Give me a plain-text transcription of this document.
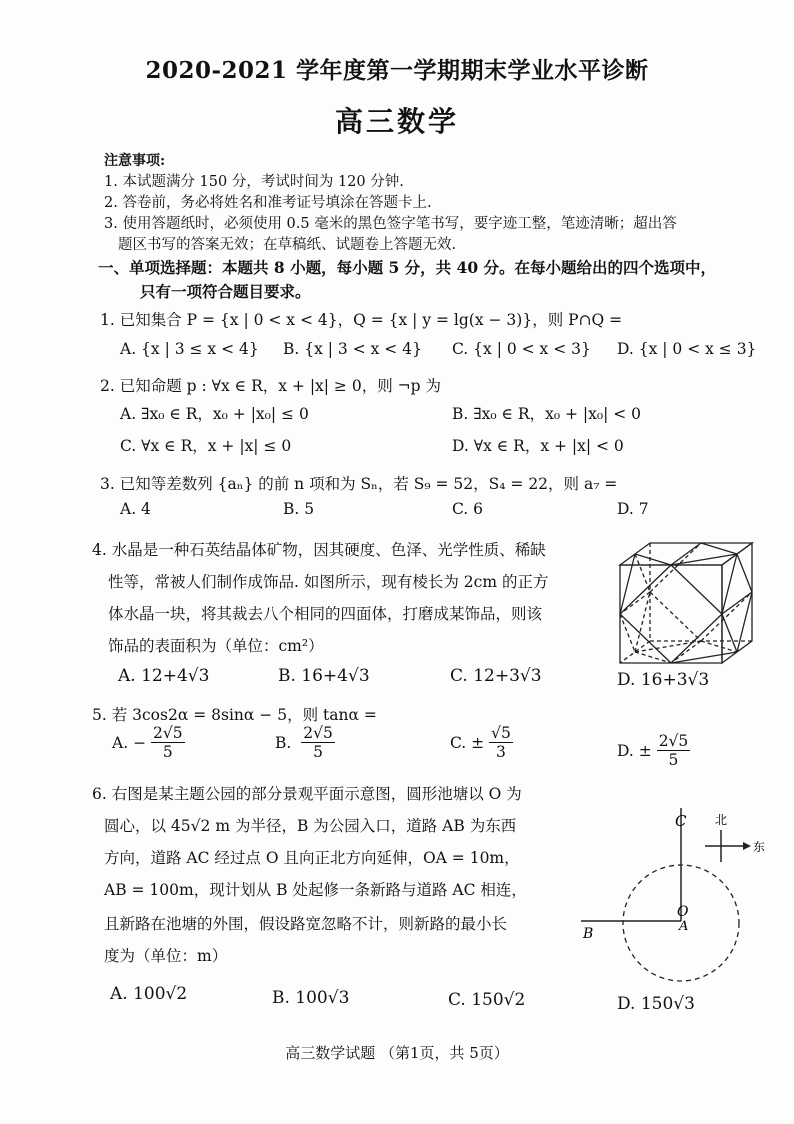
2020-2021 学年度第一学期期末学业水平诊断
高三数学
注意事项:
1. 本试题满分 150 分，考试时间为 120 分钟.
2. 答卷前，务必将姓名和准考证号填涂在答题卡上.
3. 使用答题纸时，必须使用 0.5 毫米的黑色签字笔书写，要字迹工整，笔迹清晰；超出答
题区书写的答案无效；在草稿纸、试题卷上答题无效.
一、单项选择题：本题共 8 小题，每小题 5 分，共 40 分。在每小题给出的四个选项中，
只有一项符合题目要求。
1. 已知集合 P = {x | 0 < x < 4}，Q = {x | y = lg(x − 3)}，则 P∩Q =
A. {x | 3 ≤ x < 4} B. {x | 3 < x < 4} C. {x | 0 < x < 3} D. {x | 0 < x ≤ 3}
2. 已知命题 p : ∀x ∈ R，x + |x| ≥ 0，则 ¬p 为
A. ∃x₀ ∈ R，x₀ + |x₀| ≤ 0	B. ∃x₀ ∈ R，x₀ + |x₀| < 0
C. ∀x ∈ R，x + |x| ≤ 0	D. ∀x ∈ R，x + |x| < 0
3. 已知等差数列 {aₙ} 的前 n 项和为 Sₙ，若 S₉ = 52，S₄ = 22，则 a₇ =
A. 4	B. 5	C. 6	D. 7
4. 水晶是一种石英结晶体矿物，因其硬度、色泽、光学性质、稀缺
性等，常被人们制作成饰品. 如图所示，现有棱长为 2cm 的正方
体水晶一块，将其裁去八个相同的四面体，打磨成某饰品，则该
饰品的表面积为（单位：cm²）
A. 12+4√3	B. 16+4√3	C. 12+3√3	D. 16+3√3
5. 若 3cos2α = 8sinα − 5，则 tanα =
A. − $\frac{2√5}{5}$	B. $\frac{2√5}{5}$	C. ± $\frac{√5}{3}$	D. ± $\frac{2√5}{5}$
6. 右图是某主题公园的部分景观平面示意图，圆形池塘以 O 为
圆心，以 45√2 m 为半径，B 为公园入口，道路 AB 为东西
方向，道路 AC 经过点 O 且向正北方向延伸，OA = 10m，
AB = 100m，现计划从 B 处起修一条新路与道路 AC 相连，
且新路在池塘的外围，假设路宽忽略不计，则新路的最小长
度为（单位：m）
A. 100√2	B. 100√3	C. 150√2	D. 150√3
C
O
A
B
北
东
高三数学试题 （第1页，共 5页）
